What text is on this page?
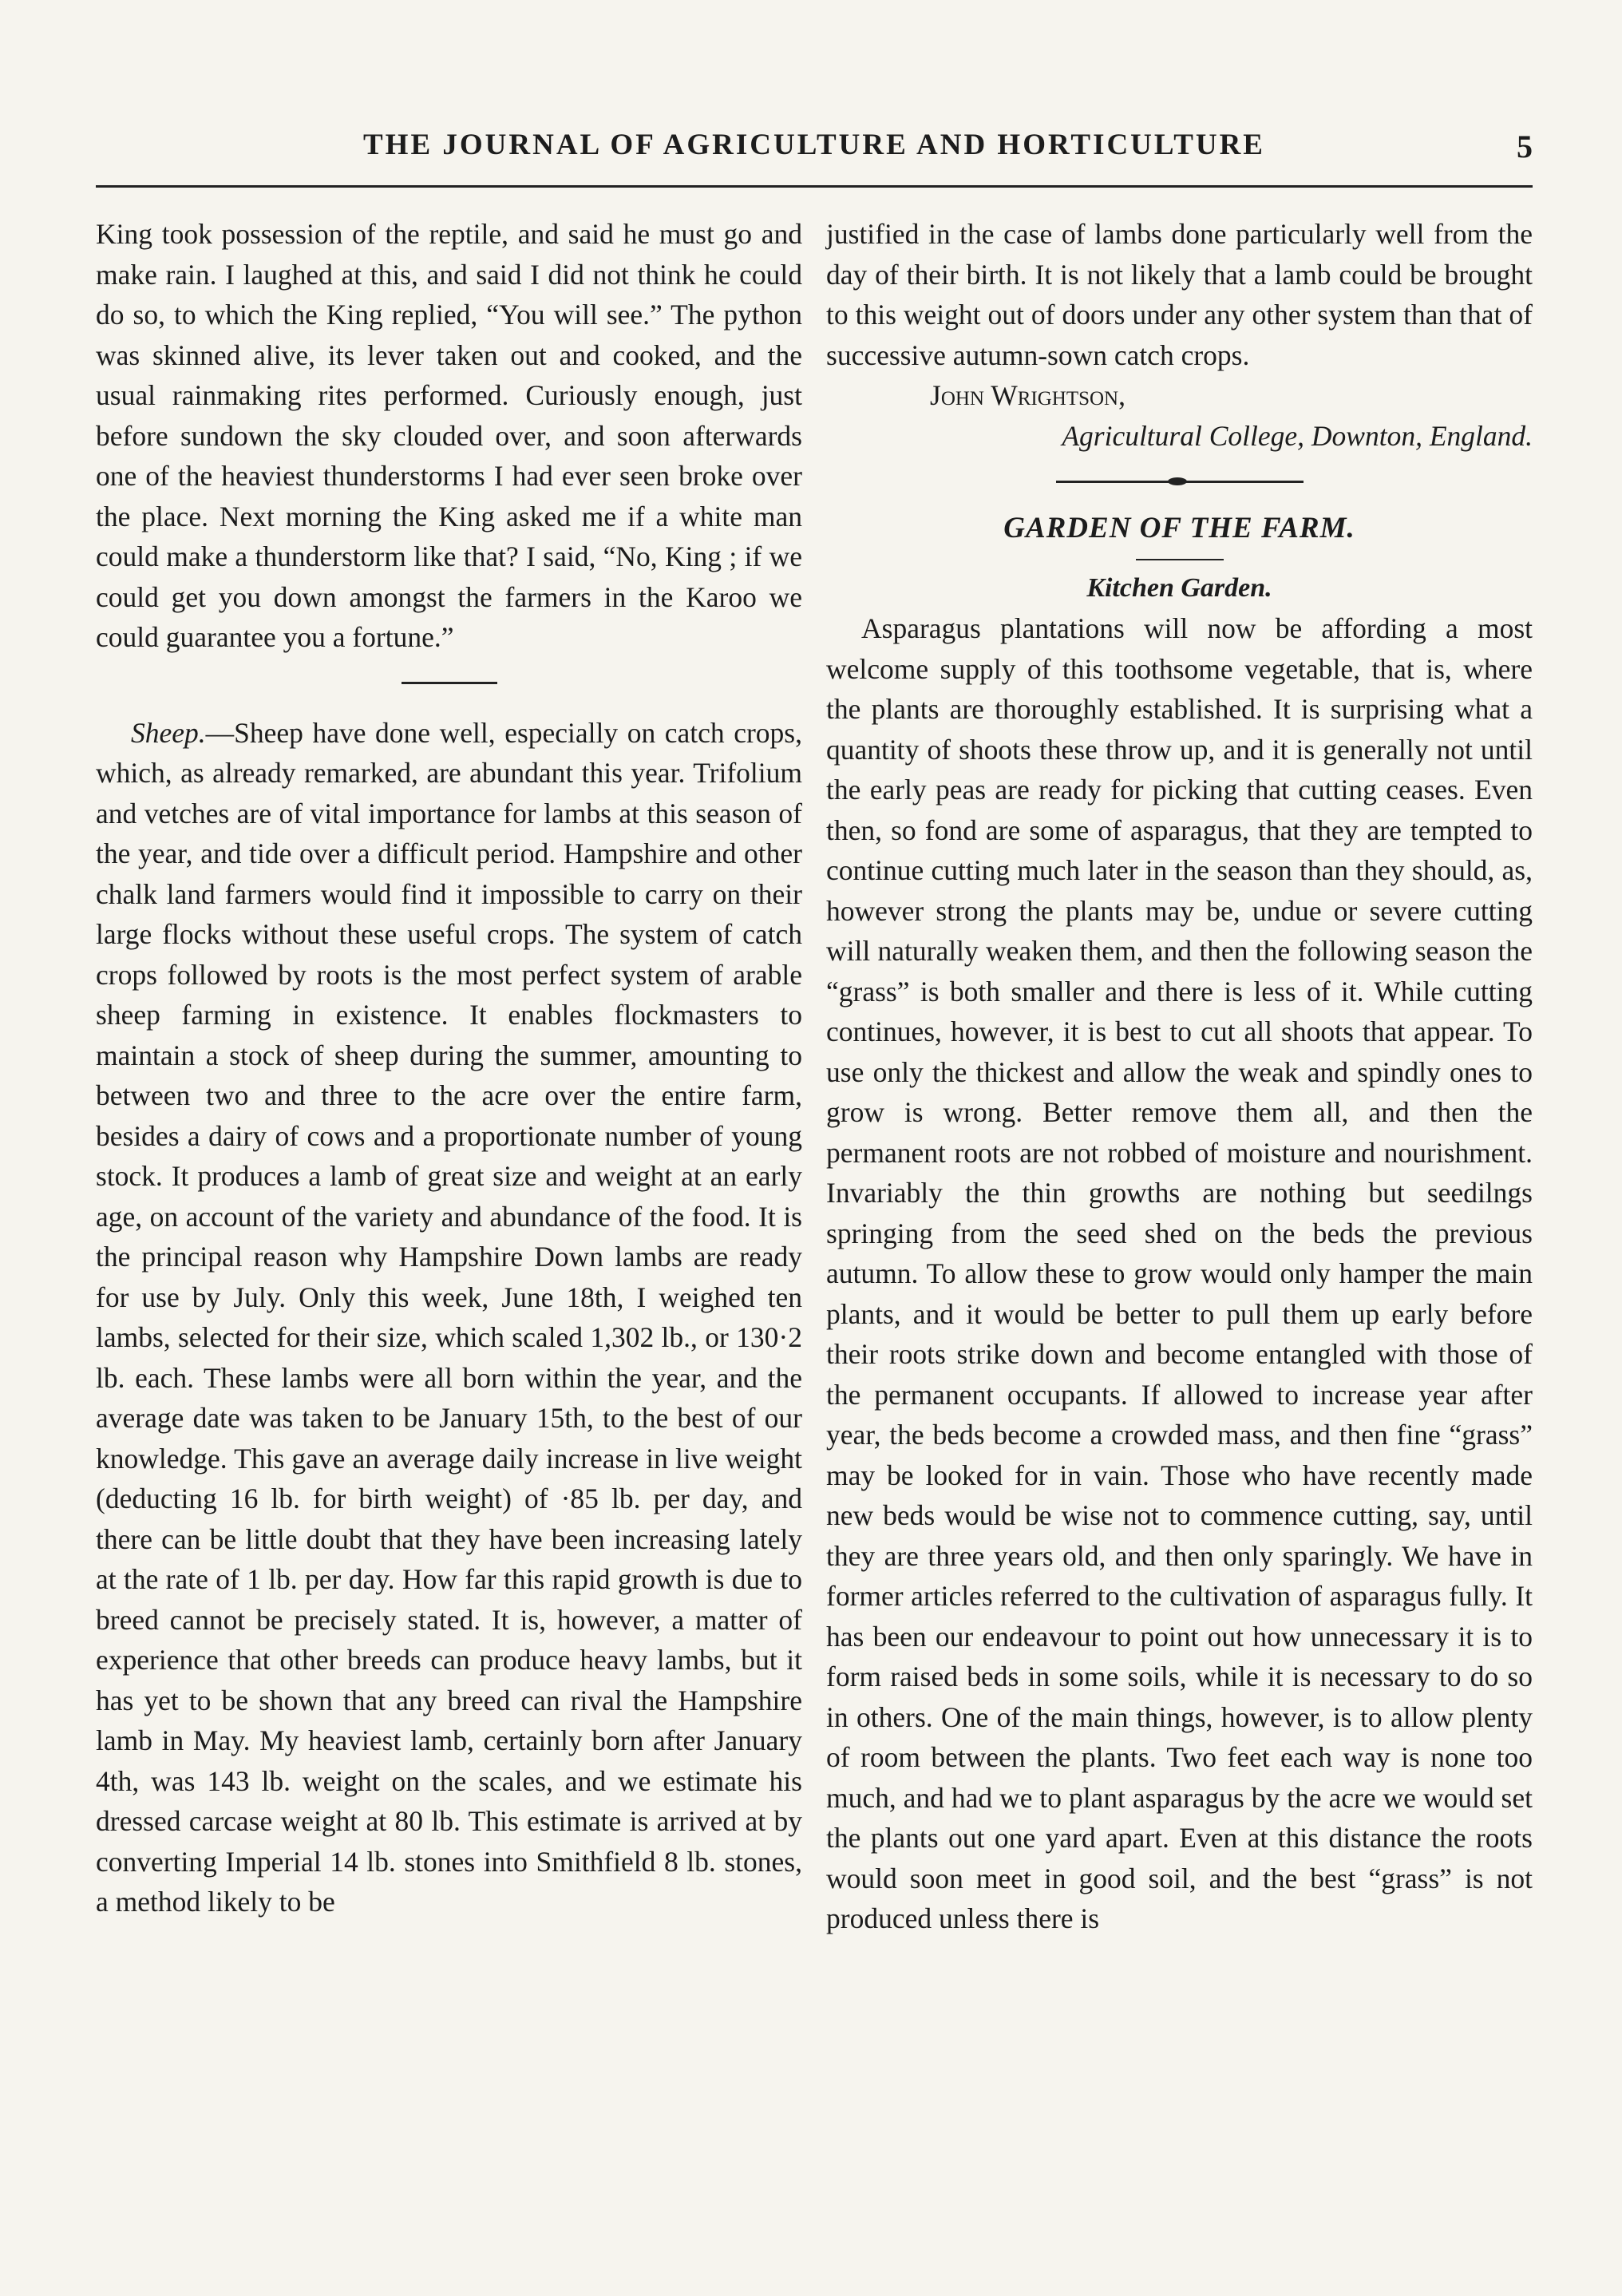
THE JOURNAL OF AGRICULTURE AND HORTICULTURE	5

King took possession of the reptile, and said he must go and make rain. I laughed at this, and said I did not think he could do so, to which the King replied, “You will see.” The python was skinned alive, its lever taken out and cooked, and the usual rainmaking rites performed. Curiously enough, just before sundown the sky clouded over, and soon afterwards one of the heaviest thunderstorms I had ever seen broke over the place. Next morning the King asked me if a white man could make a thunderstorm like that? I said, “No, King ; if we could get you down amongst the farmers in the Karoo we could guarantee you a fortune.”

Sheep.—Sheep have done well, especially on catch crops, which, as already remarked, are abundant this year. Trifolium and vetches are of vital importance for lambs at this season of the year, and tide over a difficult period. Hampshire and other chalk land farmers would find it impossible to carry on their large flocks without these useful crops. The system of catch crops followed by roots is the most perfect system of arable sheep farming in existence. It enables flockmasters to maintain a stock of sheep during the summer, amounting to between two and three to the acre over the entire farm, besides a dairy of cows and a proportionate number of young stock. It produces a lamb of great size and weight at an early age, on account of the variety and abundance of the food. It is the principal reason why Hampshire Down lambs are ready for use by July. Only this week, June 18th, I weighed ten lambs, selected for their size, which scaled 1,302 lb., or 130·2 lb. each. These lambs were all born within the year, and the average date was taken to be January 15th, to the best of our knowledge. This gave an average daily increase in live weight (deducting 16 lb. for birth weight) of ·85 lb. per day, and there can be little doubt that they have been increasing lately at the rate of 1 lb. per day. How far this rapid growth is due to breed cannot be precisely stated. It is, however, a matter of experience that other breeds can produce heavy lambs, but it has yet to be shown that any breed can rival the Hampshire lamb in May. My heaviest lamb, certainly born after January 4th, was 143 lb. weight on the scales, and we estimate his dressed carcase weight at 80 lb. This estimate is arrived at by converting Imperial 14 lb. stones into Smithfield 8 lb. stones, a method likely to be

justified in the case of lambs done particularly well from the day of their birth. It is not likely that a lamb could be brought to this weight out of doors under any other system than that of successive autumn-sown catch crops.

John Wrightson,
Agricultural College, Downton, England.

GARDEN OF THE FARM.

Kitchen Garden.

Asparagus plantations will now be affording a most welcome supply of this toothsome vegetable, that is, where the plants are thoroughly established. It is surprising what a quantity of shoots these throw up, and it is generally not until the early peas are ready for picking that cutting ceases. Even then, so fond are some of asparagus, that they are tempted to continue cutting much later in the season than they should, as, however strong the plants may be, undue or severe cutting will naturally weaken them, and then the following season the “grass” is both smaller and there is less of it. While cutting continues, however, it is best to cut all shoots that appear. To use only the thickest and allow the weak and spindly ones to grow is wrong. Better remove them all, and then the permanent roots are not robbed of moisture and nourishment. Invariably the thin growths are nothing but seedilngs springing from the seed shed on the beds the previous autumn. To allow these to grow would only hamper the main plants, and it would be better to pull them up early before their roots strike down and become entangled with those of the permanent occupants. If allowed to increase year after year, the beds become a crowded mass, and then fine “grass” may be looked for in vain. Those who have recently made new beds would be wise not to commence cutting, say, until they are three years old, and then only sparingly. We have in former articles referred to the cultivation of asparagus fully. It has been our endeavour to point out how unnecessary it is to form raised beds in some soils, while it is necessary to do so in others. One of the main things, however, is to allow plenty of room between the plants. Two feet each way is none too much, and had we to plant asparagus by the acre we would set the plants out one yard apart. Even at this distance the roots would soon meet in good soil, and the best “grass” is not produced unless there is
